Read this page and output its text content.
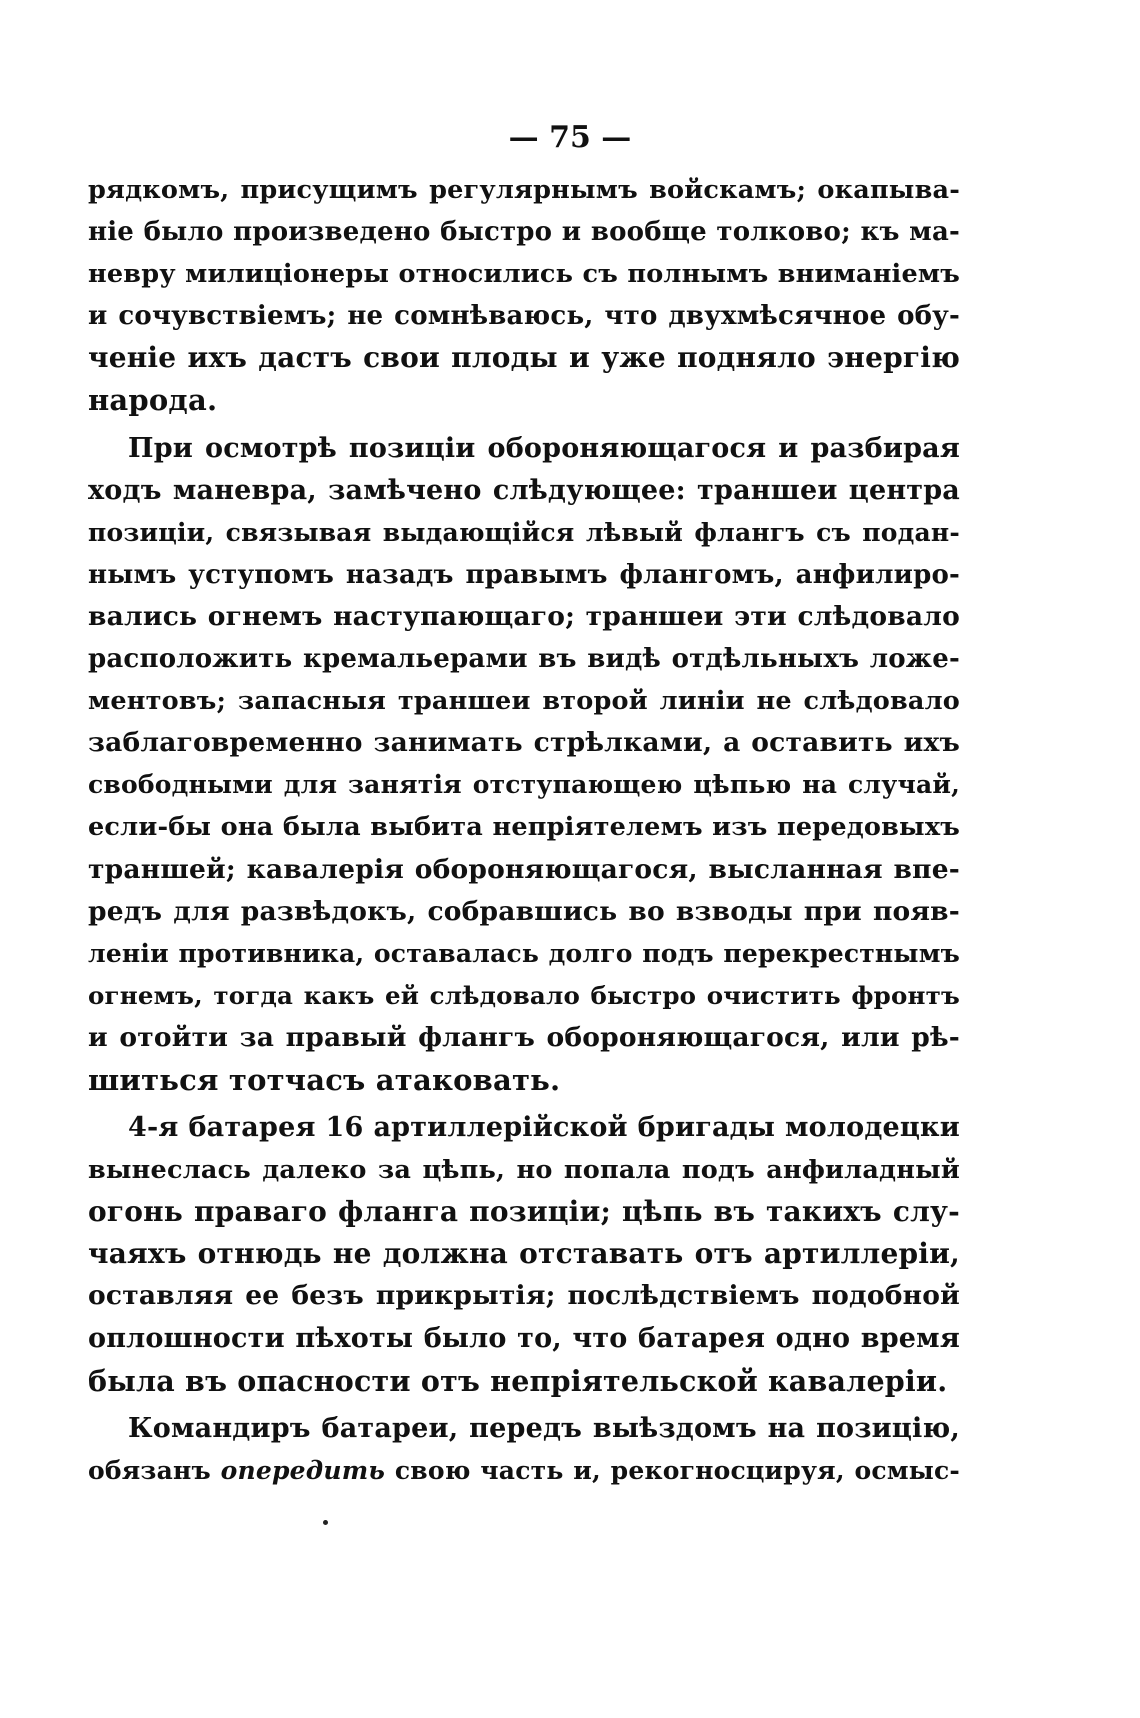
— 75 —
рядкомъ, присущимъ регулярнымъ войскамъ; окапыва-
ніе было произведено быстро и вообще толково; къ ма-
невру милиціонеры относились съ полнымъ вниманіемъ
и сочувствіемъ; не сомнѣваюсь, что двухмѣсячное обу-
ченіе ихъ дастъ свои плоды и уже подняло энергію
народа.
При осмотрѣ позиціи обороняющагося и разбирая
ходъ маневра, замѣчено слѣдующее: траншеи центра
позиціи, связывая выдающійся лѣвый флангъ съ подан-
нымъ уступомъ назадъ правымъ флангомъ, анфилиро-
вались огнемъ наступающаго; траншеи эти слѣдовало
расположить кремальерами въ видѣ отдѣльныхъ ложе-
ментовъ; запасныя траншеи второй линіи не слѣдовало
заблаговременно занимать стрѣлками, а оставить ихъ
свободными для занятія отступающею цѣпью на случай,
если-бы она была выбита непріятелемъ изъ передовыхъ
траншей; кавалерія обороняющагося, высланная впе-
редъ для развѣдокъ, собравшись во взводы при появ-
леніи противника, оставалась долго подъ перекрестнымъ
огнемъ, тогда какъ ей слѣдовало быстро очистить фронтъ
и отойти за правый флангъ обороняющагося, или рѣ-
шиться тотчасъ атаковать.
4-я батарея 16 артиллерійской бригады молодецки
вынеслась далеко за цѣпь, но попала подъ анфиладный
огонь праваго фланга позиціи; цѣпь въ такихъ слу-
чаяхъ отнюдь не должна отставать отъ артиллеріи,
оставляя ее безъ прикрытія; послѣдствіемъ подобной
оплошности пѣхоты было то, что батарея одно время
была въ опасности отъ непріятельской кавалеріи.
Командиръ батареи, передъ выѣздомъ на позицію,
обязанъ опередить свою часть и, рекогносцируя, осмыс-
